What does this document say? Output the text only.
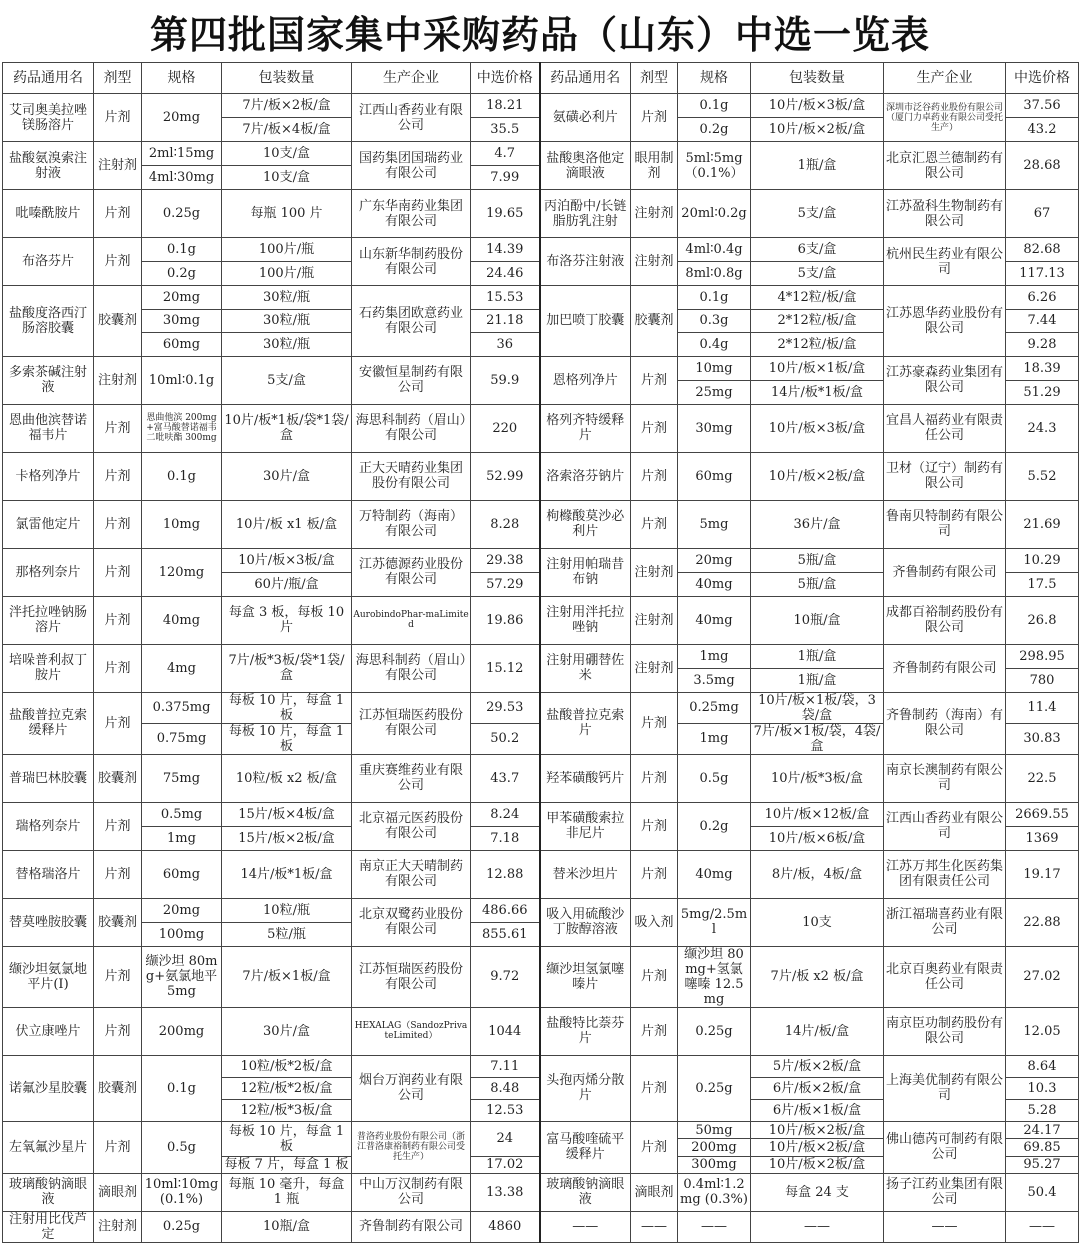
第四批国家集中采购药品（山东）中选一览表
药品通用名	剂型	规格	包装数量	生产企业	中选价格	药品通用名	剂型	规格	包装数量	生产企业	中选价格
艾司奥美拉唑镁肠溶片	片剂	20mg	7片/板×2板/盒	江西山香药业有限公司	18.21	氨磺必利片	片剂	0.1g	10片/板×3板/盒	深圳市泛谷药业股份有限公司（厦门力卓药业有限公司受托生产）	37.56
			7片/板×4板/盒		35.5			0.2g	10片/板×2板/盒		43.2
盐酸氨溴索注射液	注射剂	2ml∶15mg	10支/盒	国药集团国瑞药业有限公司	4.7	盐酸奥洛他定滴眼液	眼用制剂	5ml∶5mg（0.1%）	1瓶/盒	北京汇恩兰德制药有限公司	28.68
		4ml∶30mg	10支/盒		7.99						
吡嗪酰胺片	片剂	0.25g	每瓶 100 片	广东华南药业集团有限公司	19.65	丙泊酚中/长链脂肪乳注射	注射剂	20ml∶0.2g	5支/盒	江苏盈科生物制药有限公司	67
布洛芬片	片剂	0.1g	100片/瓶	山东新华制药股份有限公司	14.39	布洛芬注射液	注射剂	4ml∶0.4g	6支/盒	杭州民生药业有限公司	82.68
		0.2g	100片/瓶		24.46			8ml∶0.8g	5支/盒		117.13
盐酸度洛西汀肠溶胶囊	胶囊剂	20mg	30粒/瓶	石药集团欧意药业有限公司	15.53	加巴喷丁胶囊	胶囊剂	0.1g	4*12粒/板/盒	江苏恩华药业股份有限公司	6.26
		30mg	30粒/瓶		21.18			0.3g	2*12粒/板/盒		7.44
		60mg	30粒/瓶		36			0.4g	2*12粒/板/盒		9.28
多索茶碱注射液	注射剂	10ml∶0.1g	5支/盒	安徽恒星制药有限公司	59.9	恩格列净片	片剂	10mg	10片/板×1板/盒	江苏豪森药业集团有限公司	18.39
								25mg	14片/板*1板/盒		51.29
恩曲他滨替诺福韦片	片剂	恩曲他滨 200mg+富马酸替诺福韦二吡呋酯 300mg	10片/板*1板/袋*1袋/盒	海思科制药（眉山）有限公司	220	格列齐特缓释片	片剂	30mg	10片/板×3板/盒	宜昌人福药业有限责任公司	24.3
卡格列净片	片剂	0.1g	30片/盒	正大天晴药业集团股份有限公司	52.99	洛索洛芬钠片	片剂	60mg	10片/板×2板/盒	卫材（辽宁）制药有限公司	5.52
氯雷他定片	片剂	10mg	10片/板 x1 板/盒	万特制药（海南）有限公司	8.28	枸橼酸莫沙必利片	片剂	5mg	36片/盒	鲁南贝特制药有限公司	21.69
那格列奈片	片剂	120mg	10片/板×3板/盒	江苏德源药业股份有限公司	29.38	注射用帕瑞昔布钠	注射剂	20mg	5瓶/盒	齐鲁制药有限公司	10.29
			60片/瓶/盒		57.29			40mg	5瓶/盒		17.5
泮托拉唑钠肠溶片	片剂	40mg	每盒 3 板，每板 10 片	AurobindoPhar-maLimited	19.86	注射用泮托拉唑钠	注射剂	40mg	10瓶/盒	成都百裕制药股份有限公司	26.8
培哚普利叔丁胺片	片剂	4mg	7片/板*3板/袋*1袋/盒	海思科制药（眉山）有限公司	15.12	注射用硼替佐米	注射剂	1mg	1瓶/盒	齐鲁制药有限公司	298.95
								3.5mg	1瓶/盒		780
盐酸普拉克索缓释片	片剂	0.375mg	每板 10 片，每盒 1 板	江苏恒瑞医药股份有限公司	29.53	盐酸普拉克索片	片剂	0.25mg	10片/板×1板/袋，3袋/盒	齐鲁制药（海南）有限公司	11.4
		0.75mg	每板 10 片，每盒 1 板		50.2			1mg	7片/板×1板/袋，4袋/盒		30.83
普瑞巴林胶囊	胶囊剂	75mg	10粒/板 x2 板/盒	重庆赛维药业有限公司	43.7	羟苯磺酸钙片	片剂	0.5g	10片/板*3板/盒	南京长澳制药有限公司	22.5
瑞格列奈片	片剂	0.5mg	15片/板×4板/盒	北京福元医药股份有限公司	8.24	甲苯磺酸索拉非尼片	片剂	0.2g	10片/板×12板/盒	江西山香药业有限公司	2669.55
		1mg	15片/板×2板/盒		7.18				10片/板×6板/盒		1369
替格瑞洛片	片剂	60mg	14片/板*1板/盒	南京正大天晴制药有限公司	12.88	替米沙坦片	片剂	40mg	8片/板，4板/盒	江苏万邦生化医药集团有限责任公司	19.17
替莫唑胺胶囊	胶囊剂	20mg	10粒/瓶	北京双鹭药业股份有限公司	486.66	吸入用硫酸沙丁胺醇溶液	吸入剂	5mg/2.5ml	10支	浙江福瑞喜药业有限公司	22.88
		100mg	5粒/瓶		855.61						
缬沙坦氨氯地平片(Ⅰ)	片剂	缬沙坦 80mg+氨氯地平 5mg	7片/板×1板/盒	江苏恒瑞医药股份有限公司	9.72	缬沙坦氢氯噻嗪片	片剂	缬沙坦 80mg+氢氯噻嗪 12.5mg	7片/板 x2 板/盒	北京百奥药业有限责任公司	27.02
伏立康唑片	片剂	200mg	30片/盒	HEXALAG（SandozPrivateLimited）	1044	盐酸特比萘芬片	片剂	0.25g	14片/板/盒	南京臣功制药股份有限公司	12.05
诺氟沙星胶囊	胶囊剂	0.1g	10粒/板*2板/盒	烟台万润药业有限公司	7.11	头孢丙烯分散片	片剂	0.25g	5片/板×2板/盒	上海美优制药有限公司	8.64
			12粒/板*2板/盒		8.48				6片/板×2板/盒		10.3
			12粒/板*3板/盒		12.53				6片/板×1板/盒		5.28
左氧氟沙星片	片剂	0.5g	每板 10 片，每盒 1 板	普洛药业股份有限公司（浙江普洛康裕制药有限公司受托生产）	24	富马酸喹硫平缓释片	片剂	50mg	10片/板×2板/盒	佛山德芮可制药有限公司	24.17
								200mg	10片/板×2板/盒		69.85
			每板 7 片，每盒 1 板		17.02			300mg	10片/板×2板/盒		95.27
玻璃酸钠滴眼液	滴眼剂	10ml∶10mg (0.1%)	每瓶 10 毫升，每盒 1 瓶	中山万汉制药有限公司	13.38	玻璃酸钠滴眼液	滴眼剂	0.4ml∶1.2mg (0.3%)	每盒 24 支	扬子江药业集团有限公司	50.4
注射用比伐芦定	注射剂	0.25g	10瓶/盒	齐鲁制药有限公司	4860	——	——	——	——	——	——
